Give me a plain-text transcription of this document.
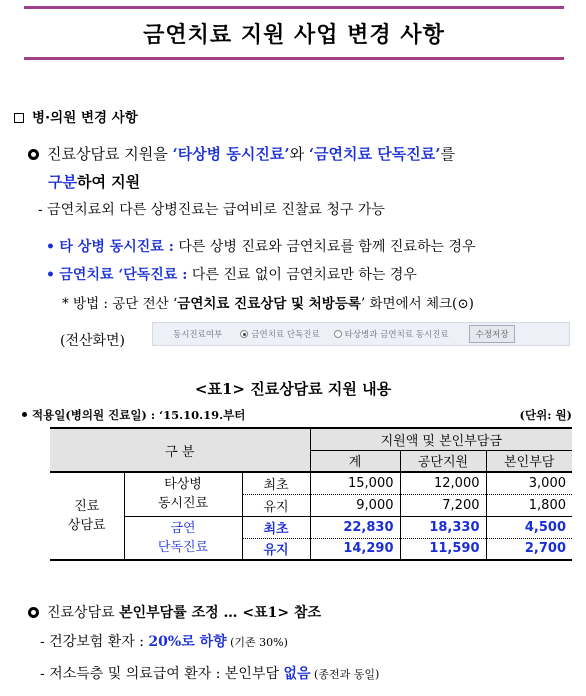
금연치료 지원 사업 변경 사항
병·의원 변경 사항
진료상담료 지원을 ‘타상병 동시진료’와 ‘금연치료 단독진료’를
구분하여 지원
- 금연치료외 다른 상병진료는 급여비로 진찰료 청구 가능
• 타 상병 동시진료 : 다른 상병 진료와 금연치료를 함께 진료하는 경우
• 금연치료 ‘단독진료 : 다른 진료 없이 금연치료만 하는 경우
* 방법 : 공단 전산 ‘금연치료 진료상담 및 처방등록’ 화면에서 체크(⊙)
(전산화면)	동시진료여부	금연치료 단독진료	타상병과 금연치료 동시진료	수정저장
<표1> 진료상담료 지원 내용
적용일(병의원 진료일) : ‘15.10.19.부터	(단위: 원)
구 분			지원액 및 본인부담금		
			계	공단지원	본인부담
진료
상담료	타상병
동시진료	최초	15,000	12,000	3,000
		유지	9,000	7,200	1,800
	금연
단독진료	최초	22,830	18,330	4,500
		유지	14,290	11,590	2,700
진료상담료 본인부담률 조정 … <표1> 참조
- 건강보험 환자 : 20%로 하향 (기존 30%)
- 저소득층 및 의료급여 환자 : 본인부담 없음 (종전과 동일)
